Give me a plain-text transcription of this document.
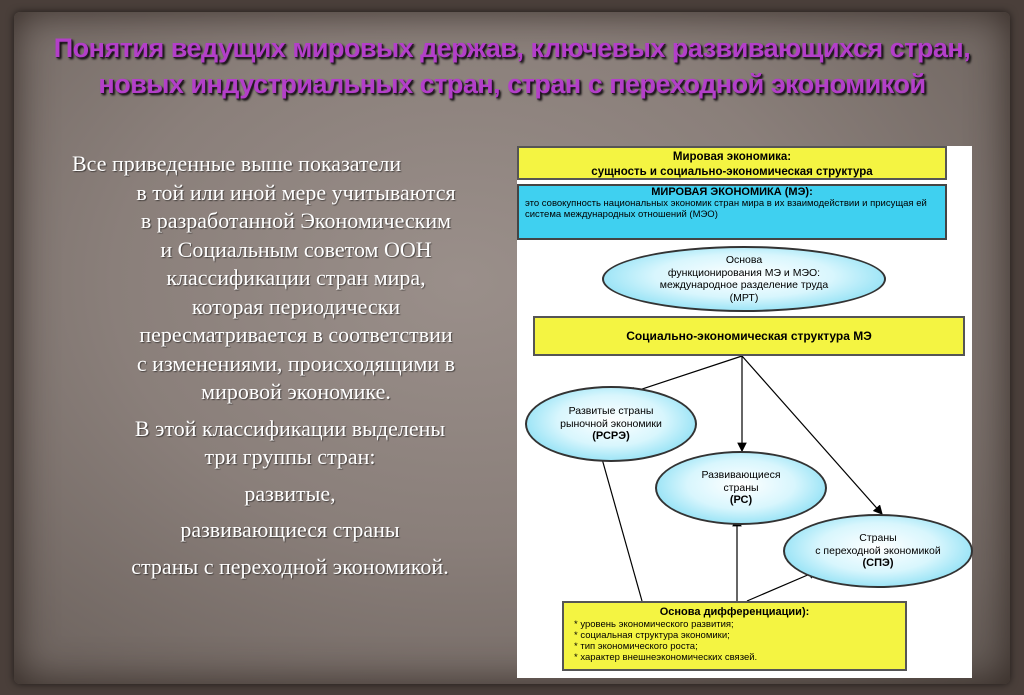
Понятия ведущих мировых держав, ключевых развивающихся стран, новых индустриальных стран, стран с переходной экономикой

Все приведенные выше показатели
в той или иной мере учитываются
в разработанной Экономическим
и Социальным советом ООН
классификации стран мира,
которая периодически
пересматривается в соответствии
с изменениями, происходящими в
мировой экономике.

В этой классификации выделены
три группы стран:

развитые,

развивающиеся страны

страны с переходной экономикой.

Мировая экономика:
сущность и социально-экономическая структура
МИРОВАЯ ЭКОНОМИКА (МЭ):
это совокупность национальных экономик стран мира в их взаимодействии и присущая ей система международных отношений (МЭО)
Основа
функционирования МЭ и МЭО:
международное разделение труда
(МРТ)
Социально-экономическая структура МЭ
Развитые страны
рыночной экономики
(РСРЭ)
Развивающиеся
страны
(РС)
Страны
с переходной экономикой
(СПЭ)
Основа дифференциации):
* уровень экономического развития;
* социальная структура экономики;
* тип экономического роста;
* характер внешнеэкономических связей.
